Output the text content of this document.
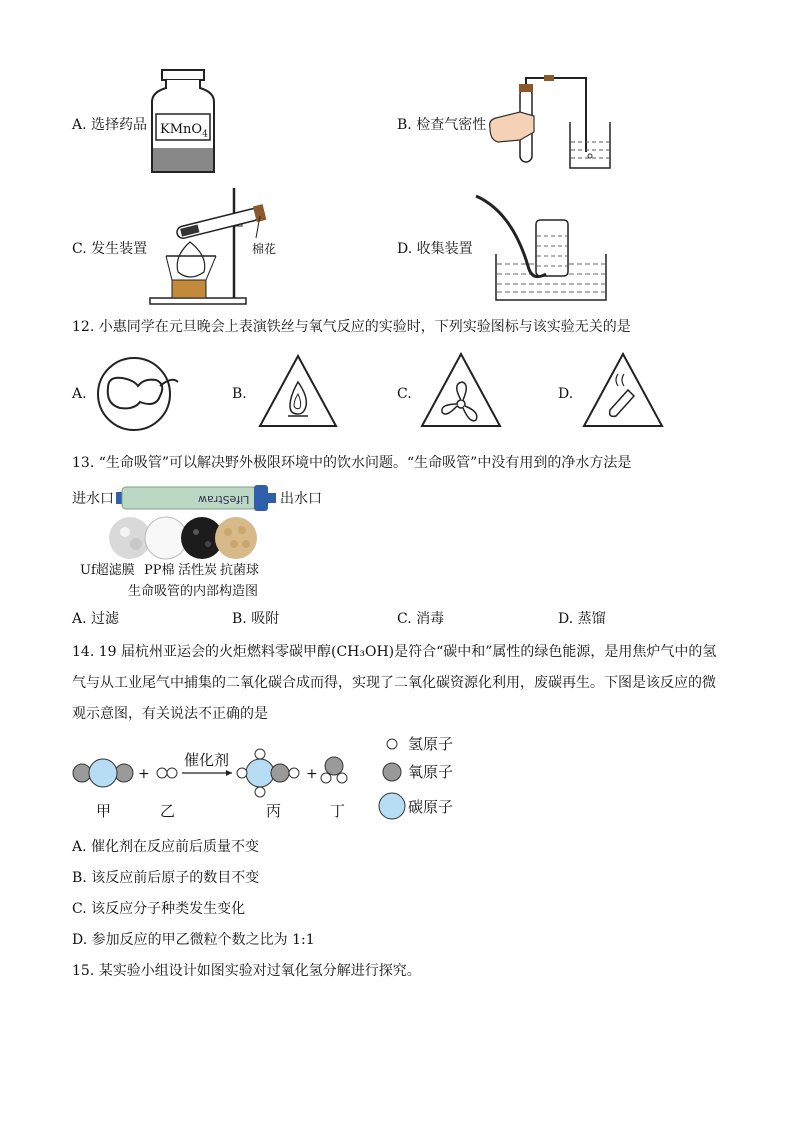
A. 选择药品 KMnO$_4$
B. 检查气密性
C. 发生装置	棉花	D. 收集装置
12. 小惠同学在元旦晚会上表演铁丝与氧气反应的实验时，下列实验图标与该实验无关的是
A.	B.	C.	D.
13. “生命吸管”可以解决野外极限环境中的饮水问题。“生命吸管”中没有用到的净水方法是
进水口	LifeStraw 出水口
Uf超滤膜 PP棉 活性炭 抗菌球
生命吸管的内部构造图
A. 过滤	B. 吸附	C. 消毒	D. 蒸馏
14. 19 届杭州亚运会的火炬燃料零碳甲醇(CH₃OH)是符合“碳中和”属性的绿色能源，是用焦炉气中的氢
气与从工业尾气中捕集的二氧化碳合成而得，实现了二氧化碳资源化利用，废碳再生。下图是该反应的微
观示意图，有关说法不正确的是
+	+
催化剂
甲	乙	丙	丁
氢原子
氧原子
碳原子
A. 催化剂在反应前后质量不变
B. 该反应前后原子的数目不变
C. 该反应分子种类发生变化
D. 参加反应的甲乙微粒个数之比为 1:1
15. 某实验小组设计如图实验对过氧化氢分解进行探究。
